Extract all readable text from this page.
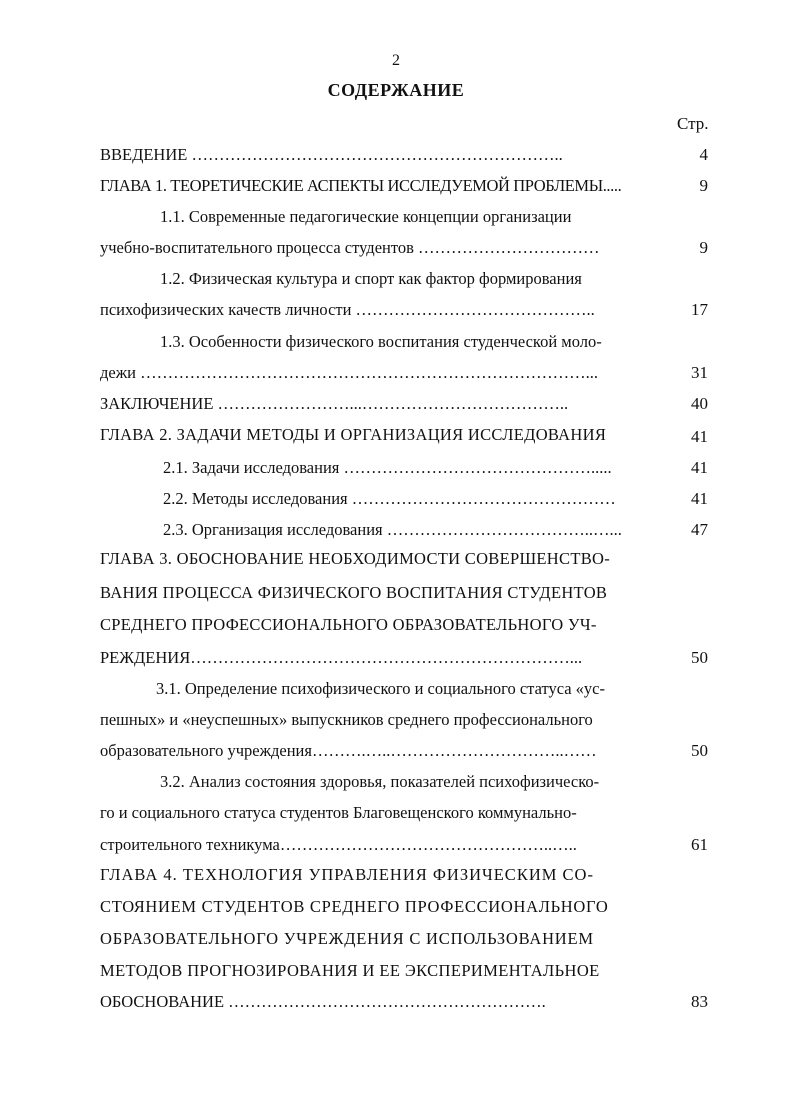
2
СОДЕРЖАНИЕ
Стр.
ВВЕДЕНИЕ …………………………………………………………..
ГЛАВА 1. ТЕОРЕТИЧЕСКИЕ АСПЕКТЫ ИССЛЕДУЕМОЙ ПРОБЛЕМЫ.....
1.1. Современные педагогические концепции организации
учебно-воспитательного процесса студентов ……………………………
1.2. Физическая культура и спорт как фактор формирования
психофизических качеств личности ……………………………………..
1.3. Особенности физического воспитания студенческой моло-
дежи ………………………………………………………………………...
ЗАКЛЮЧЕНИЕ ……………………...………………………………..
ГЛАВА 2. ЗАДАЧИ МЕТОДЫ И ОРГАНИЗАЦИЯ ИССЛЕДОВАНИЯ
2.1. Задачи исследования ……………………………………….....
2.2. Методы исследования …………………………………………
2.3. Организация исследования ………………………………..…...
ГЛАВА 3. ОБОСНОВАНИЕ НЕОБХОДИМОСТИ СОВЕРШЕНСТВО-
ВАНИЯ ПРОЦЕССА ФИЗИЧЕСКОГО ВОСПИТАНИЯ СТУДЕНТОВ
СРЕДНЕГО ПРОФЕССИОНАЛЬНОГО ОБРАЗОВАТЕЛЬНОГО УЧ-
РЕЖДЕНИЯ……………………………………………………………...
3.1. Определение психофизического и социального статуса «ус-
пешных» и «неуспешных» выпускников среднего профессионального
образовательного учреждения……….…..…………………………..……
3.2. Анализ состояния здоровья, показателей психофизическо-
го и социального статуса студентов Благовещенского коммунально-
строительного техникума…………………………………………..…..
ГЛАВА 4. ТЕХНОЛОГИЯ УПРАВЛЕНИЯ ФИЗИЧЕСКИМ СО-
СТОЯНИЕМ СТУДЕНТОВ СРЕДНЕГО ПРОФЕССИОНАЛЬНОГО
ОБРАЗОВАТЕЛЬНОГО УЧРЕЖДЕНИЯ С ИСПОЛЬЗОВАНИЕМ
МЕТОДОВ ПРОГНОЗИРОВАНИЯ И ЕЕ ЭКСПЕРИМЕНТАЛЬНОЕ
ОБОСНОВАНИЕ ………………………………………………….
4
9
9
17
31
40
41
41
41
47
50
50
61
83
